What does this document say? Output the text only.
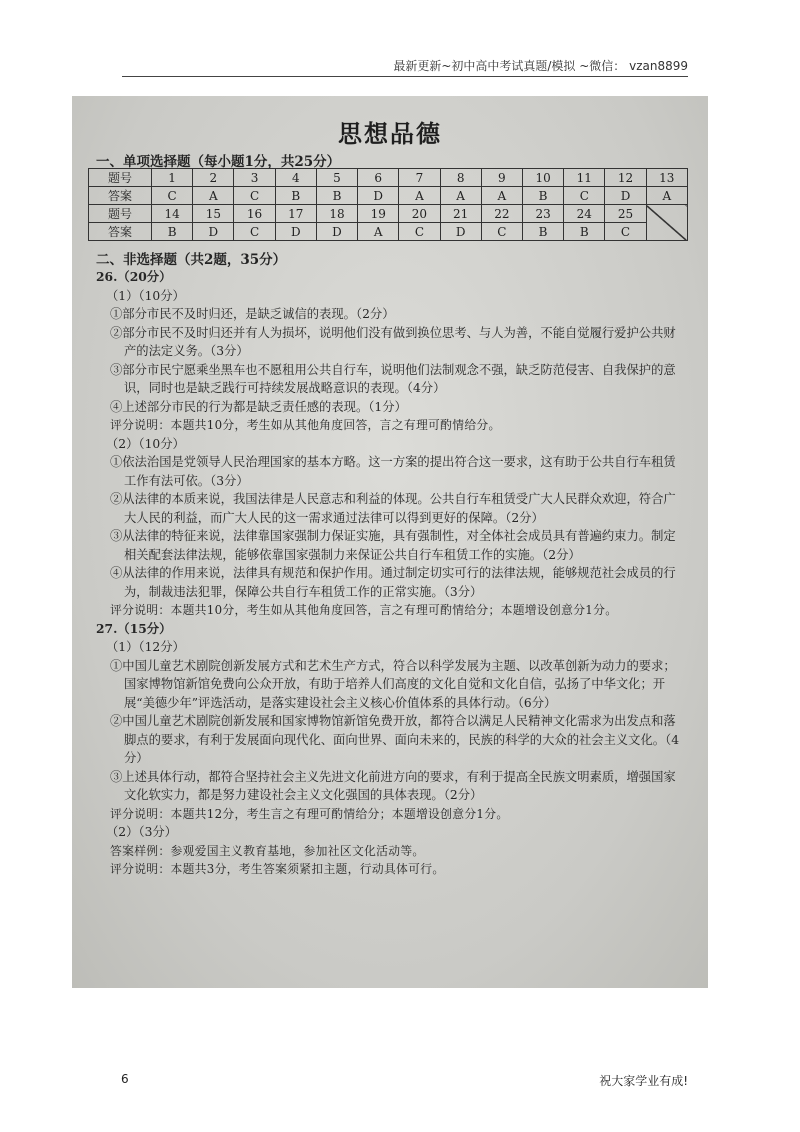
最新更新~初中高中考试真题/模拟 ~微信： vzan8899
思想品德
一、单项选择题（每小题1分，共25分）
题号	1	2	3	4	5	6	7	8	9	10	11	12	13
答案	C	A	C	B	B	D	A	A	A	B	C	D	A
题号	14	15	16	17	18	19	20	21	22	23	24	25	
答案	B	D	C	D	D	A	C	D	C	B	B	C	
二、非选择题（共2题，35分）

26.（20分）

（1）（10分）

①部分市民不及时归还，是缺乏诚信的表现。（2分）

②部分市民不及时归还并有人为损坏，说明他们没有做到换位思考、与人为善，不能自觉履行爱护公共财产的法定义务。（3分）

③部分市民宁愿乘坐黑车也不愿租用公共自行车，说明他们法制观念不强，缺乏防范侵害、自我保护的意识，同时也是缺乏践行可持续发展战略意识的表现。（4分）

④上述部分市民的行为都是缺乏责任感的表现。（1分）

评分说明：本题共10分，考生如从其他角度回答，言之有理可酌情给分。

（2）（10分）

①依法治国是党领导人民治理国家的基本方略。这一方案的提出符合这一要求，这有助于公共自行车租赁工作有法可依。（3分）

②从法律的本质来说，我国法律是人民意志和利益的体现。公共自行车租赁受广大人民群众欢迎，符合广大人民的利益，而广大人民的这一需求通过法律可以得到更好的保障。（2分）

③从法律的特征来说，法律靠国家强制力保证实施，具有强制性，对全体社会成员具有普遍约束力。制定相关配套法律法规，能够依靠国家强制力来保证公共自行车租赁工作的实施。（2分）

④从法律的作用来说，法律具有规范和保护作用。通过制定切实可行的法律法规，能够规范社会成员的行为，制裁违法犯罪，保障公共自行车租赁工作的正常实施。（3分）

评分说明：本题共10分，考生如从其他角度回答，言之有理可酌情给分；本题增设创意分1分。

27.（15分）

（1）（12分）

①中国儿童艺术剧院创新发展方式和艺术生产方式，符合以科学发展为主题、以改革创新为动力的要求；国家博物馆新馆免费向公众开放，有助于培养人们高度的文化自觉和文化自信，弘扬了中华文化；开展“美德少年”评选活动，是落实建设社会主义核心价值体系的具体行动。（6分）

②中国儿童艺术剧院创新发展和国家博物馆新馆免费开放，都符合以满足人民精神文化需求为出发点和落脚点的要求，有利于发展面向现代化、面向世界、面向未来的，民族的科学的大众的社会主义文化。（4分）

③上述具体行动，都符合坚持社会主义先进文化前进方向的要求，有利于提高全民族文明素质，增强国家文化软实力，都是努力建设社会主义文化强国的具体表现。（2分）

评分说明：本题共12分，考生言之有理可酌情给分；本题增设创意分1分。

（2）（3分）

答案样例：参观爱国主义教育基地，参加社区文化活动等。

评分说明：本题共3分，考生答案须紧扣主题，行动具体可行。

6	祝大家学业有成!
